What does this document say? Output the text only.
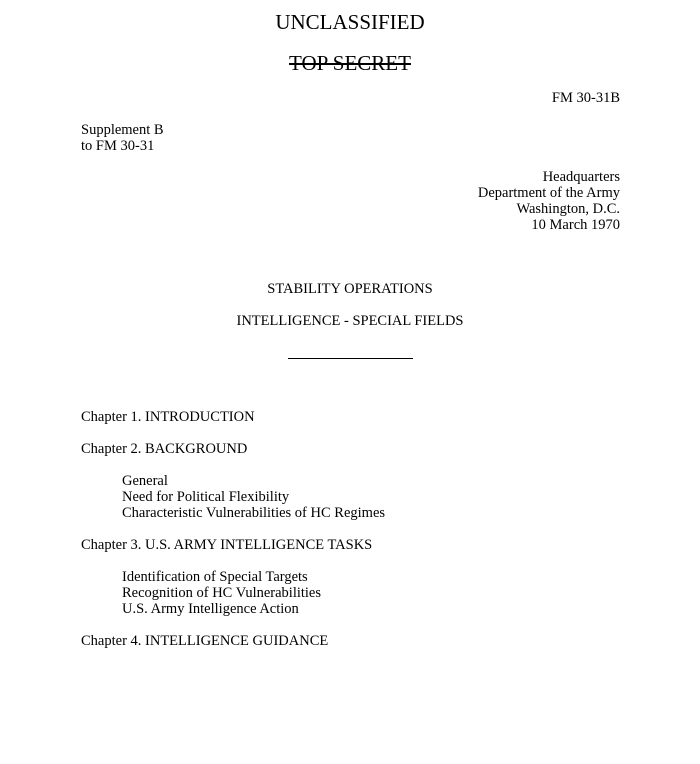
UNCLASSIFIED
TOP SECRET
FM 30-31B
Supplement B
to FM 30-31
Headquarters
Department of the Army
Washington, D.C.
10 March 1970
STABILITY OPERATIONS
INTELLIGENCE - SPECIAL FIELDS
Chapter 1. INTRODUCTION
Chapter 2. BACKGROUND
General
Need for Political Flexibility
Characteristic Vulnerabilities of HC Regimes
Chapter 3. U.S. ARMY INTELLIGENCE TASKS
Identification of Special Targets
Recognition of HC Vulnerabilities
U.S. Army Intelligence Action
Chapter 4. INTELLIGENCE GUIDANCE
